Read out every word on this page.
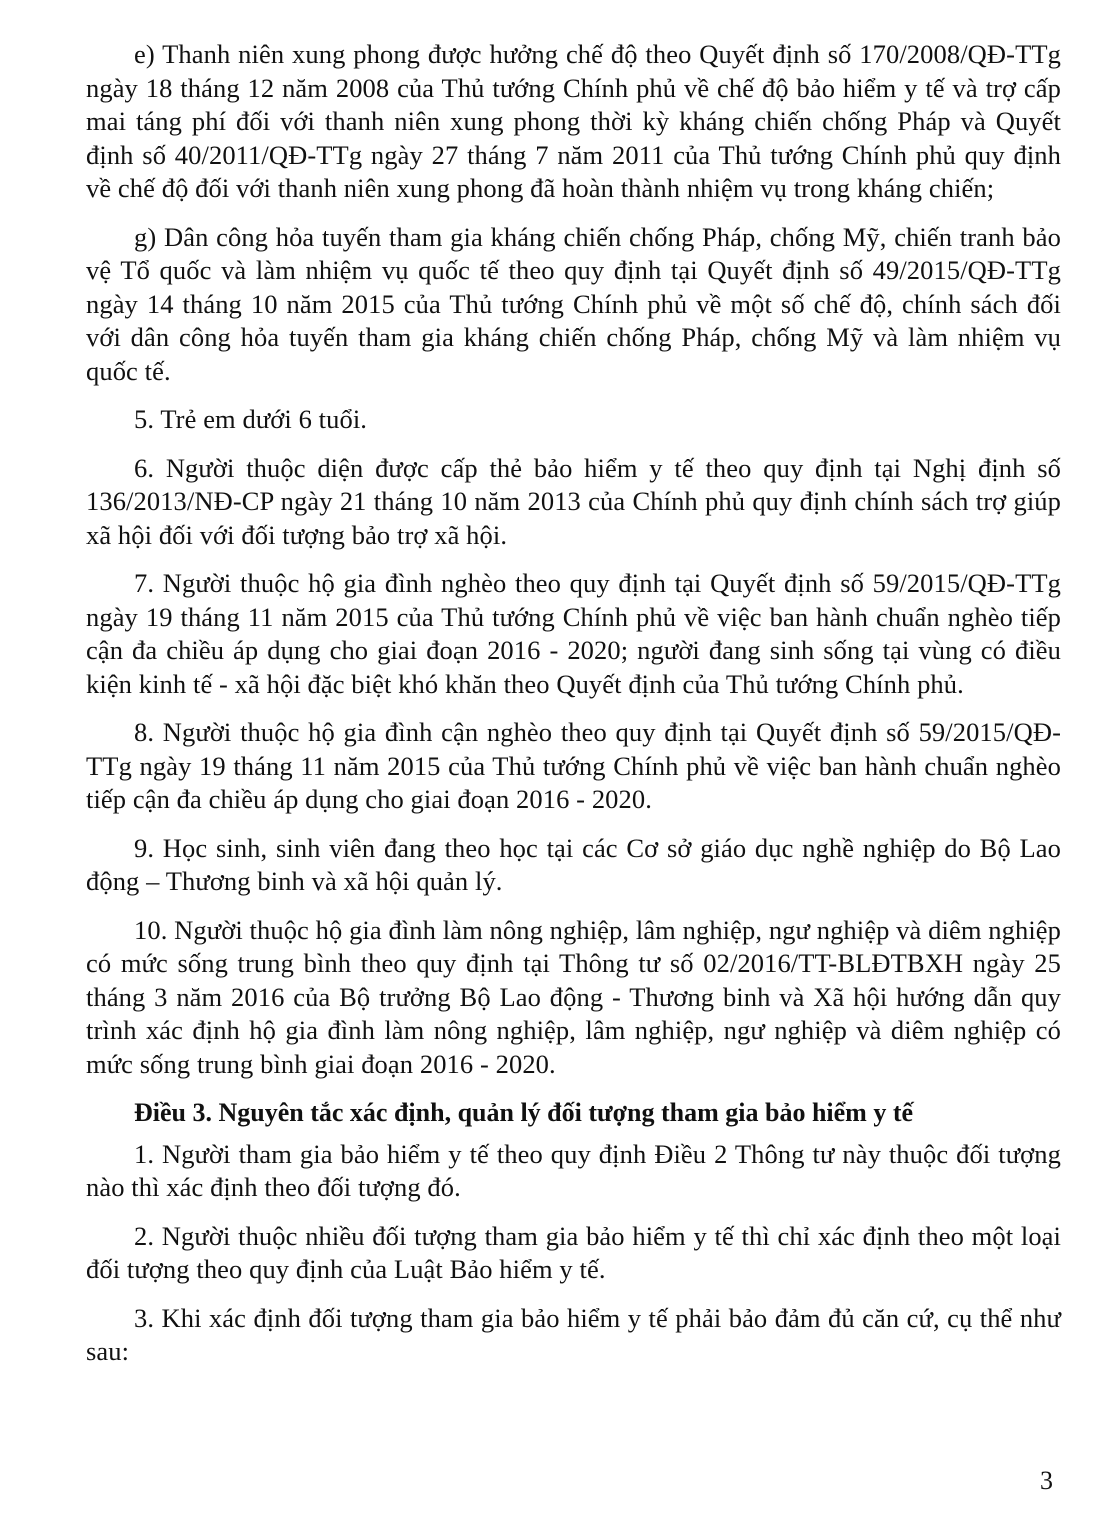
e) Thanh niên xung phong được hưởng chế độ theo Quyết định số 170/2008/QĐ-TTg ngày 18 tháng 12 năm 2008 của Thủ tướng Chính phủ về chế độ bảo hiểm y tế và trợ cấp mai táng phí đối với thanh niên xung phong thời kỳ kháng chiến chống Pháp và Quyết định số 40/2011/QĐ-TTg ngày 27 tháng 7 năm 2011 của Thủ tướng Chính phủ quy định về chế độ đối với thanh niên xung phong đã hoàn thành nhiệm vụ trong kháng chiến;

g) Dân công hỏa tuyến tham gia kháng chiến chống Pháp, chống Mỹ, chiến tranh bảo vệ Tổ quốc và làm nhiệm vụ quốc tế theo quy định tại Quyết định số 49/2015/QĐ-TTg ngày 14 tháng 10 năm 2015 của Thủ tướng Chính phủ về một số chế độ, chính sách đối với dân công hỏa tuyến tham gia kháng chiến chống Pháp, chống Mỹ và làm nhiệm vụ quốc tế.

5. Trẻ em dưới 6 tuổi.

6. Người thuộc diện được cấp thẻ bảo hiểm y tế theo quy định tại Nghị định số 136/2013/NĐ-CP ngày 21 tháng 10 năm 2013 của Chính phủ quy định chính sách trợ giúp xã hội đối với đối tượng bảo trợ xã hội.

7. Người thuộc hộ gia đình nghèo theo quy định tại Quyết định số 59/2015/QĐ-TTg ngày 19 tháng 11 năm 2015 của Thủ tướng Chính phủ về việc ban hành chuẩn nghèo tiếp cận đa chiều áp dụng cho giai đoạn 2016 - 2020; người đang sinh sống tại vùng có điều kiện kinh tế - xã hội đặc biệt khó khăn theo Quyết định của Thủ tướng Chính phủ.

8. Người thuộc hộ gia đình cận nghèo theo quy định tại Quyết định số 59/2015/QĐ-TTg ngày 19 tháng 11 năm 2015 của Thủ tướng Chính phủ về việc ban hành chuẩn nghèo tiếp cận đa chiều áp dụng cho giai đoạn 2016 - 2020.

9. Học sinh, sinh viên đang theo học tại các Cơ sở giáo dục nghề nghiệp do Bộ Lao động – Thương binh và xã hội quản lý.

10. Người thuộc hộ gia đình làm nông nghiệp, lâm nghiệp, ngư nghiệp và diêm nghiệp có mức sống trung bình theo quy định tại Thông tư số 02/2016/TT-BLĐTBXH ngày 25 tháng 3 năm 2016 của Bộ trưởng Bộ Lao động - Thương binh và Xã hội hướng dẫn quy trình xác định hộ gia đình làm nông nghiệp, lâm nghiệp, ngư nghiệp và diêm nghiệp có mức sống trung bình giai đoạn 2016 - 2020.

Điều 3. Nguyên tắc xác định, quản lý đối tượng tham gia bảo hiểm y tế

1. Người tham gia bảo hiểm y tế theo quy định Điều 2 Thông tư này thuộc đối tượng nào thì xác định theo đối tượng đó.

2. Người thuộc nhiều đối tượng tham gia bảo hiểm y tế thì chỉ xác định theo một loại đối tượng theo quy định của Luật Bảo hiểm y tế.

3. Khi xác định đối tượng tham gia bảo hiểm y tế phải bảo đảm đủ căn cứ, cụ thể như sau:

3
